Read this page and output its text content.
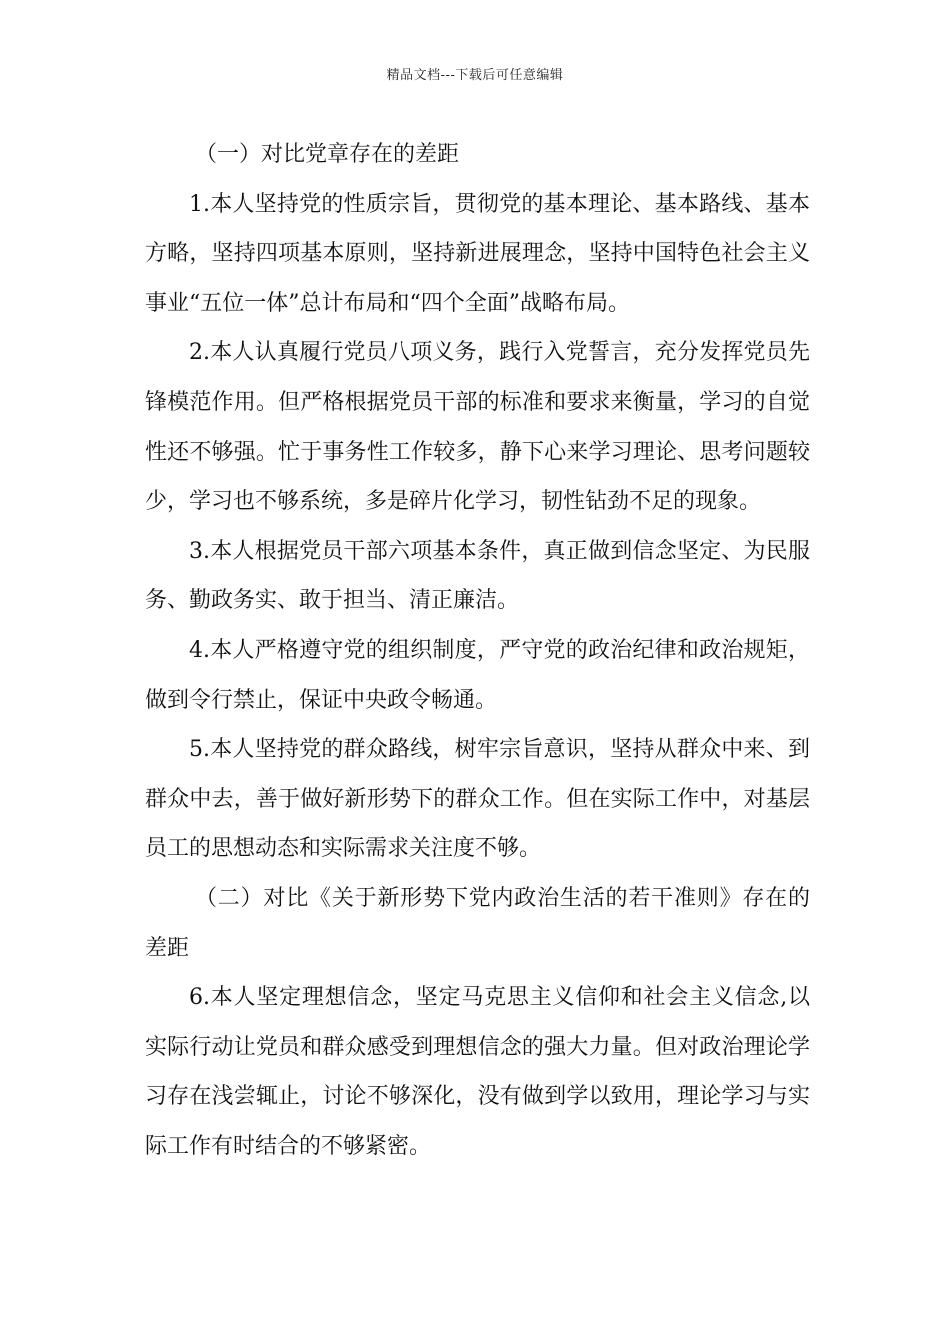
精品文档---下载后可任意编辑

（一）对比党章存在的差距

1.本人坚持党的性质宗旨，贯彻党的基本理论、基本路线、基本方略，坚持四项基本原则，坚持新进展理念，坚持中国特色社会主义事业“五位一体”总计布局和“四个全面”战略布局。

2.本人认真履行党员八项义务，践行入党誓言，充分发挥党员先锋模范作用。但严格根据党员干部的标准和要求来衡量，学习的自觉性还不够强。忙于事务性工作较多，静下心来学习理论、思考问题较少，学习也不够系统，多是碎片化学习，韧性钻劲不足的现象。

3.本人根据党员干部六项基本条件，真正做到信念坚定、为民服务、勤政务实、敢于担当、清正廉洁。

4.本人严格遵守党的组织制度，严守党的政治纪律和政治规矩，做到令行禁止，保证中央政令畅通。

5.本人坚持党的群众路线，树牢宗旨意识，坚持从群众中来、到群众中去，善于做好新形势下的群众工作。但在实际工作中，对基层员工的思想动态和实际需求关注度不够。

（二）对比《关于新形势下党内政治生活的若干准则》存在的差距

6.本人坚定理想信念，坚定马克思主义信仰和社会主义信念,以实际行动让党员和群众感受到理想信念的强大力量。但对政治理论学习存在浅尝辄止，讨论不够深化，没有做到学以致用，理论学习与实际工作有时结合的不够紧密。
